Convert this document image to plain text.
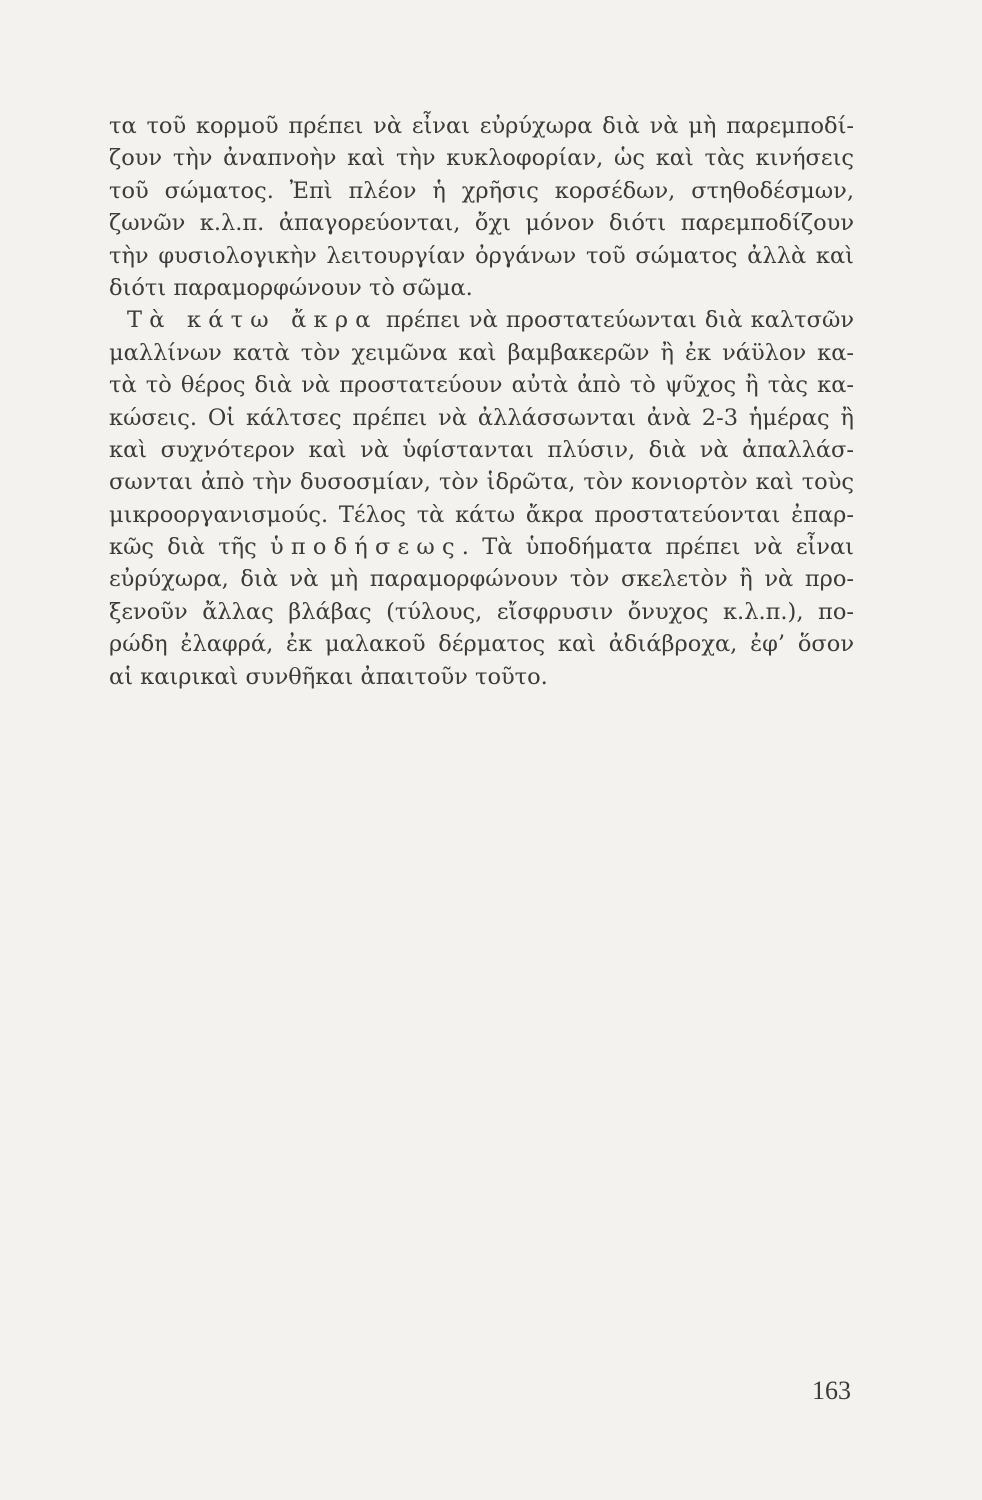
τα τοῦ κορμοῦ πρέπει νὰ εἶναι εὐρύχωρα διὰ νὰ μὴ παρεμποδί-
ζουν τὴν ἀναπνοὴν καὶ τὴν κυκλοφορίαν, ὡς καὶ τὰς κινήσεις
τοῦ σώματος. Ἐπὶ πλέον ἡ χρῆσις κορσέδων, στηθοδέσμων,
ζωνῶν κ.λ.π. ἀπαγορεύονται, ὄχι μόνον διότι παρεμποδίζουν
τὴν φυσιολογικὴν λειτουργίαν ὀργάνων τοῦ σώματος ἀλλὰ καὶ
διότι παραμορφώνουν τὸ σῶμα.
Τὰ κάτω ἄκρα πρέπει νὰ προστατεύωνται διὰ καλτσῶν
μαλλίνων κατὰ τὸν χειμῶνα καὶ βαμβακερῶν ἢ ἐκ νάϋλον κα-
τὰ τὸ θέρος διὰ νὰ προστατεύουν αὐτὰ ἀπὸ τὸ ψῦχος ἢ τὰς κα-
κώσεις. Οἱ κάλτσες πρέπει νὰ ἀλλάσσωνται ἀνὰ 2-3 ἡμέρας ἢ
καὶ συχνότερον καὶ νὰ ὑφίστανται πλύσιν, διὰ νὰ ἀπαλλάσ-
σωνται ἀπὸ τὴν δυσοσμίαν, τὸν ἱδρῶτα, τὸν κονιορτὸν καὶ τοὺς
μικροοργανισμούς. Τέλος τὰ κάτω ἄκρα προστατεύονται ἐπαρ-
κῶς διὰ τῆς ὑποδήσεως. Τὰ ὑποδήματα πρέπει νὰ εἶναι
εὐρύχωρα, διὰ νὰ μὴ παραμορφώνουν τὸν σκελετὸν ἢ νὰ προ-
ξενοῦν ἄλλας βλάβας (τύλους, εἴσφρυσιν ὄνυχος κ.λ.π.), πο-
ρώδη ἐλαφρά, ἐκ μαλακοῦ δέρματος καὶ ἀδιάβροχα, ἐφ’ ὅσον
αἱ καιρικαὶ συνθῆκαι ἀπαιτοῦν τοῦτο.
163
